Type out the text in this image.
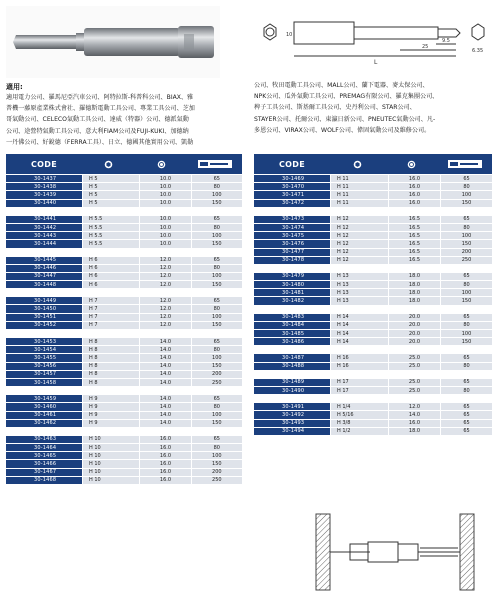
10
9.5
25
L
6.35
適用:
適用電力公司、羅馬尼亞汽車公司、阿特拉斯-科普科公司、BIAX、雅
普機一藤原產業株式會社、羅德斯電動工具公司、專業工具公司、芝加
哥氣動公司、CELECO氣動工具公司、達威（特器）公司、德派氣動
公司、途營特氣動工具公司、意大利FIAM公司及FUJI-KUKI、加德納
一丹佛公司、好銳德（FERRA工具）、日立、德國其他實用公司、凱勒
公司、牧田電動工具公司、MALL公司、蘭下電器、麥太保公司、
NPK公司、瓜外氣動工具公司、PREMAG有限公司、羅克集團公司、
稗子工具公司、斯基爾工具公司、史丹利公司、STAR公司、
STAYER公司、托爾公司、東瀛日新公司、PNEUTEC氣動公司、凡-
多恩公司、VIRAX公司、WOLF公司、偉固氣動公司及維修公司。
CODE
30-1437	H 5	10.0	65
30-1438	H 5	10.0	80
30-1439	H 5	10.0	100
30-1440	H 5	10.0	150
30-1441	H 5.5	10.0	65
30-1442	H 5.5	10.0	80
30-1443	H 5.5	10.0	100
30-1444	H 5.5	10.0	150
30-1445	H 6	12.0	65
30-1446	H 6	12.0	80
30-1447	H 6	12.0	100
30-1448	H 6	12.0	150
30-1449	H 7	12.0	65
30-1450	H 7	12.0	80
30-1451	H 7	12.0	100
30-1452	H 7	12.0	150
30-1453	H 8	14.0	65
30-1454	H 8	14.0	80
30-1455	H 8	14.0	100
30-1456	H 8	14.0	150
30-1457	H 8	14.0	200
30-1458	H 8	14.0	250
30-1459	H 9	14.0	65
30-1460	H 9	14.0	80
30-1461	H 9	14.0	100
30-1462	H 9	14.0	150
30-1463	H 10	16.0	65
30-1464	H 10	16.0	80
30-1465	H 10	16.0	100
30-1466	H 10	16.0	150
30-1467	H 10	16.0	200
30-1468	H 10	16.0	250
CODE
30-1469	H 11	16.0	65
30-1470	H 11	16.0	80
30-1471	H 11	16.0	100
30-1472	H 11	16.0	150
30-1473	H 12	16.5	65
30-1474	H 12	16.5	80
30-1475	H 12	16.5	100
30-1476	H 12	16.5	150
30-1477	H 12	16.5	200
30-1478	H 12	16.5	250
30-1479	H 13	18.0	65
30-1480	H 13	18.0	80
30-1481	H 13	18.0	100
30-1482	H 13	18.0	150
30-1483	H 14	20.0	65
30-1484	H 14	20.0	80
30-1485	H 14	20.0	100
30-1486	H 14	20.0	150
30-1487	H 16	25.0	65
30-1488	H 16	25.0	80
30-1489	H 17	25.0	65
30-1490	H 17	25.0	80
30-1491	H 1/4	12.0	65
30-1492	H 5/16	14.0	65
30-1493	H 3/8	16.0	65
30-1494	H 1/2	18.0	65
